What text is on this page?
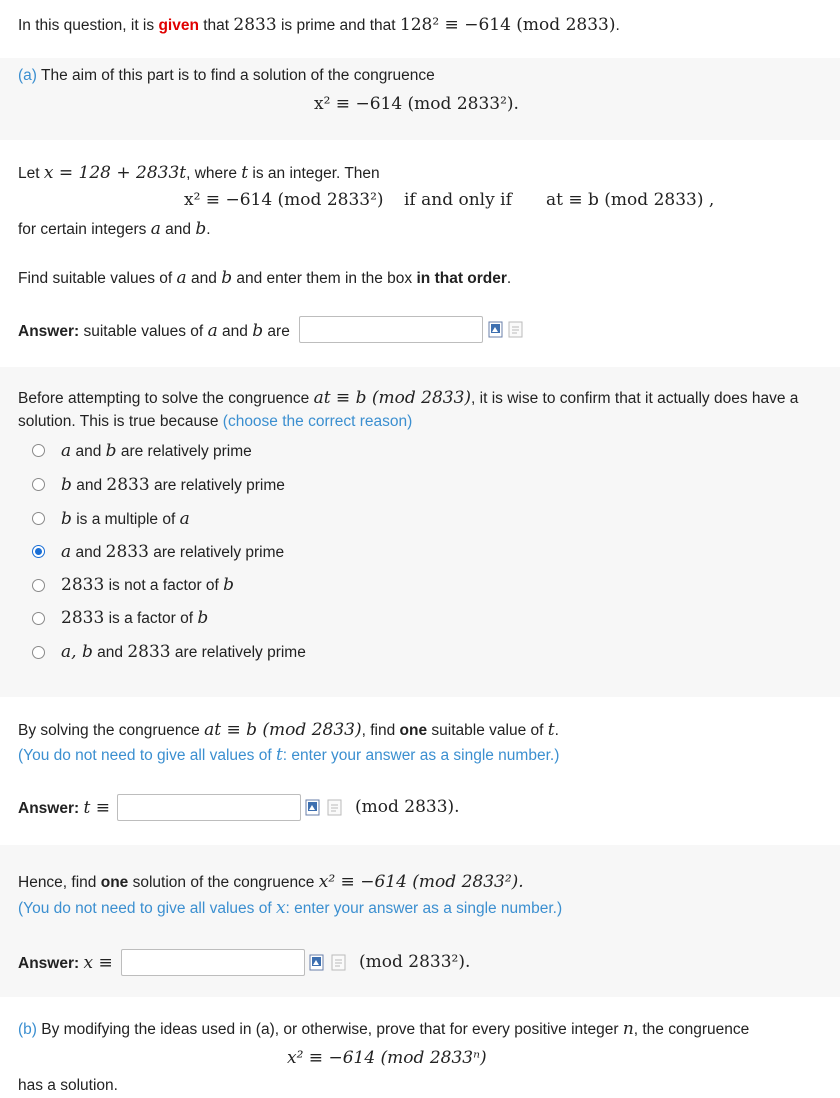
In this question, it is given that 2833 is prime and that 128² ≡ −614 (mod 2833).
(a) The aim of this part is to find a solution of the congruence
x² ≡ −614 (mod 2833²).
Let x = 128 + 2833t, where t is an integer. Then
x² ≡ −614 (mod 2833²) if and only if at ≡ b (mod 2833) ,
for certain integers a and b.
Find suitable values of a and b and enter them in the box in that order.
Answer: suitable values of a and b are
Before attempting to solve the congruence at ≡ b (mod 2833), it is wise to confirm that it actually does have a
solution. This is true because (choose the correct reason)
a and b are relatively prime
b and 2833 are relatively prime
b is a multiple of a
a and 2833 are relatively prime
2833 is not a factor of b
2833 is a factor of b
a, b and 2833 are relatively prime
By solving the congruence at ≡ b (mod 2833), find one suitable value of t.
(You do not need to give all values of t: enter your answer as a single number.)
Answer: t ≡	(mod 2833).
Hence, find one solution of the congruence x² ≡ −614 (mod 2833²).
(You do not need to give all values of x: enter your answer as a single number.)
Answer: x ≡	(mod 2833²).
(b) By modifying the ideas used in (a), or otherwise, prove that for every positive integer n, the congruence
x² ≡ −614 (mod 2833ⁿ)
has a solution.
